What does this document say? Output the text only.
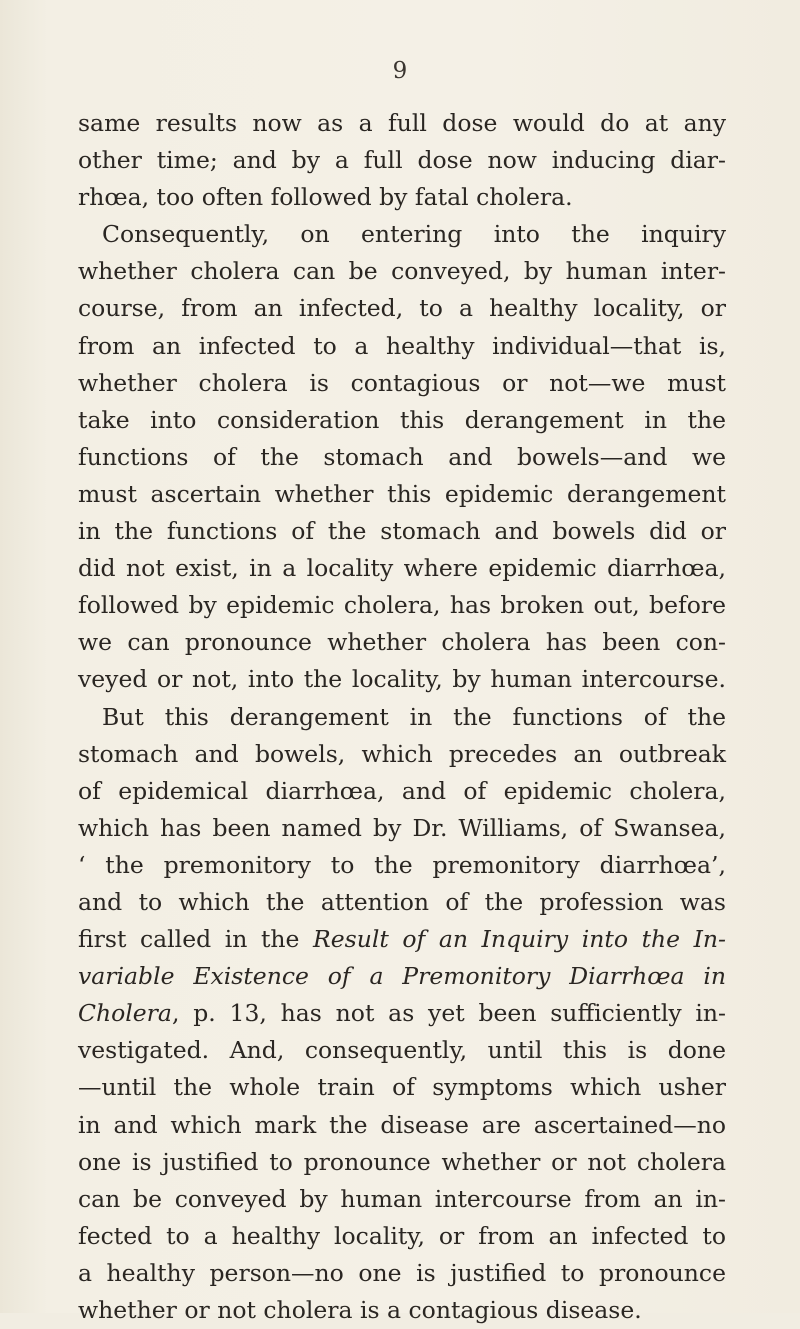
9
same results now as a full dose would do at any
other time; and by a full dose now inducing diar-
rhœa, too often followed by fatal cholera.
Consequently, on entering into the inquiry
whether cholera can be conveyed, by human inter-
course, from an infected, to a healthy locality, or
from an infected to a healthy individual—that is,
whether cholera is contagious or not—we must
take into consideration this derangement in the
functions of the stomach and bowels—and we
must ascertain whether this epidemic derangement
in the functions of the stomach and bowels did or
did not exist, in a locality where epidemic diarrhœa,
followed by epidemic cholera, has broken out, before
we can pronounce whether cholera has been con-
veyed or not, into the locality, by human intercourse.
But this derangement in the functions of the
stomach and bowels, which precedes an outbreak
of epidemical diarrhœa, and of epidemic cholera,
which has been named by Dr. Williams, of Swansea,
‘ the premonitory to the premonitory diarrhœa’,
and to which the attention of the profession was
first called in the Result of an Inquiry into the In-
variable Existence of a Premonitory Diarrhœa in
Cholera, p. 13, has not as yet been sufficiently in-
vestigated. And, consequently, until this is done
—until the whole train of symptoms which usher
in and which mark the disease are ascertained—no
one is justified to pronounce whether or not cholera
can be conveyed by human intercourse from an in-
fected to a healthy locality, or from an infected to
a healthy person—no one is justified to pronounce
whether or not cholera is a contagious disease.
